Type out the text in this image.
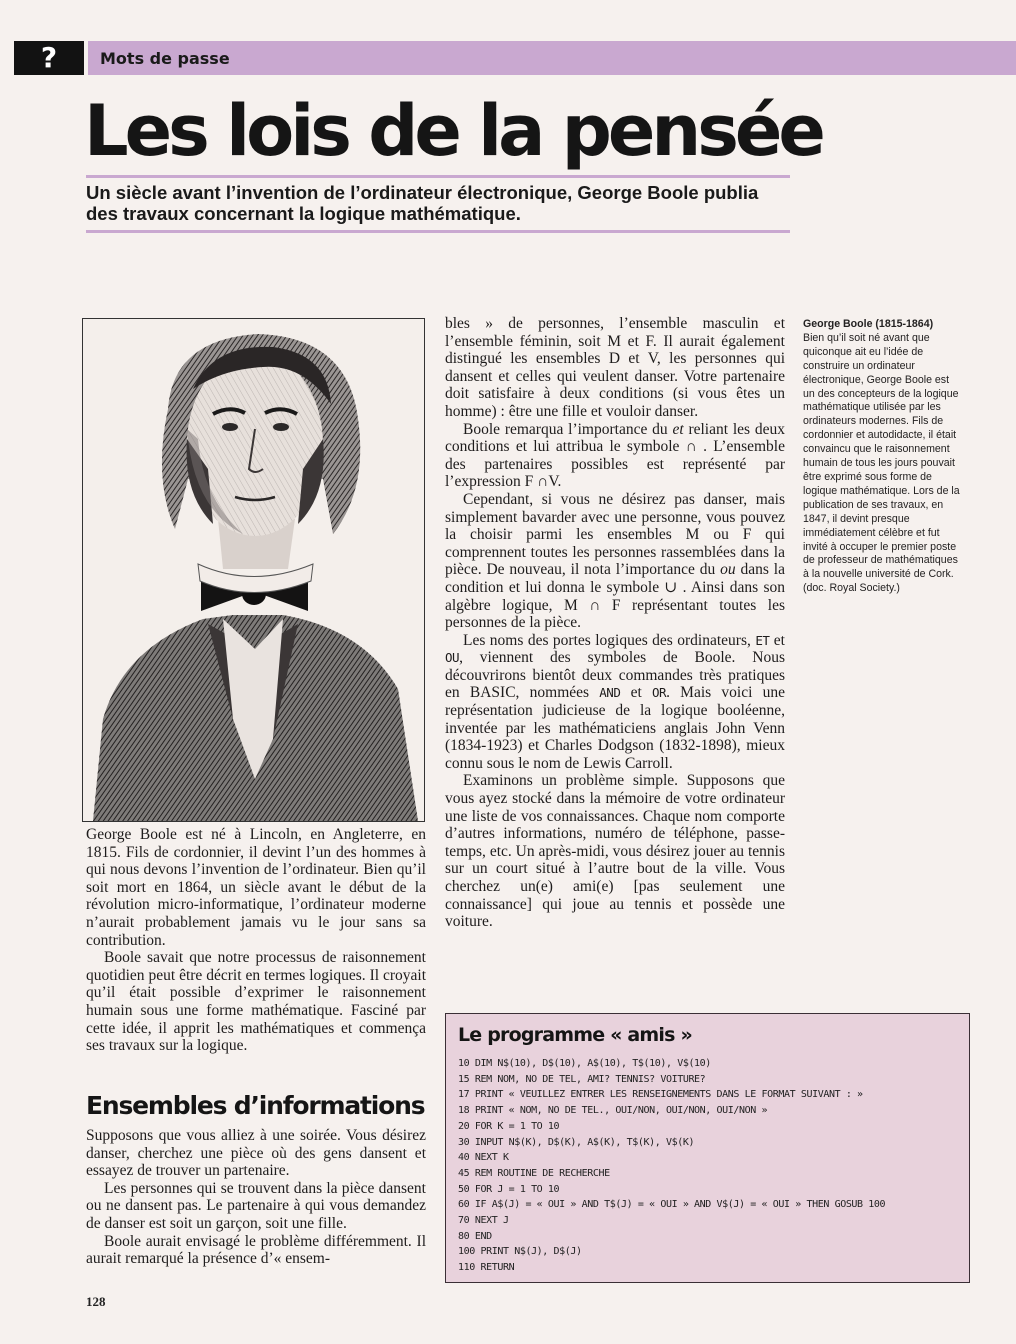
?	Mots de passe
Les lois de la pensée

Un siècle avant l’invention de l’ordinateur électronique, George Boole publia des travaux concernant la logique mathématique.

George Boole est né à Lincoln, en Angleterre, en 1815. Fils de cordonnier, il devint l’un des hommes à qui nous devons l’invention de l’ordinateur. Bien qu’il soit mort en 1864, un siècle avant le début de la révolution micro-informatique, l’ordinateur moderne n’aurait probablement jamais vu le jour sans sa contribution.

Boole savait que notre processus de raisonnement quotidien peut être décrit en termes logiques. Il croyait qu’il était possible d’exprimer le raisonnement humain sous une forme mathématique. Fasciné par cette idée, il apprit les mathématiques et commença ses travaux sur la logique.

Ensembles d’informations

Supposons que vous alliez à une soirée. Vous désirez danser, cherchez une pièce où des gens dansent et essayez de trouver un partenaire.

Les personnes qui se trouvent dans la pièce dansent ou ne dansent pas. Le partenaire à qui vous demandez de danser est soit un garçon, soit une fille.

Boole aurait envisagé le problème différemment. Il aurait remarqué la présence d’« ensem-

bles » de personnes, l’ensemble masculin et l’ensemble féminin, soit M et F. Il aurait également distingué les ensembles D et V, les personnes qui dansent et celles qui veulent danser. Votre partenaire doit satisfaire à deux conditions (si vous êtes un homme) : être une fille et vouloir danser.

Boole remarqua l’importance du et reliant les deux conditions et lui attribua le symbole ∩ . L’ensemble des partenaires possibles est représenté par l’expression F ∩V.

Cependant, si vous ne désirez pas danser, mais simplement bavarder avec une personne, vous pouvez la choisir parmi les ensembles M ou F qui comprennent toutes les personnes rassemblées dans la pièce. De nouveau, il nota l’importance du ou dans la condition et lui donna le symbole ∪ . Ainsi dans son algèbre logique, M ∩ F représentant toutes les personnes de la pièce.

Les noms des portes logiques des ordinateurs, ET et OU, viennent des symboles de Boole. Nous découvrirons bientôt deux commandes très pratiques en BASIC, nommées AND et OR. Mais voici une représentation judicieuse de la logique booléenne, inventée par les mathématiciens anglais John Venn (1834-1923) et Charles Dodgson (1832-1898), mieux connu sous le nom de Lewis Carroll.

Examinons un problème simple. Supposons que vous ayez stocké dans la mémoire de votre ordinateur une liste de vos connaissances. Chaque nom comporte d’autres informations, numéro de téléphone, passe-temps, etc. Un après-midi, vous désirez jouer au tennis sur un court situé à l’autre bout de la ville. Vous cherchez un(e) ami(e) [pas seulement une connaissance] qui joue au tennis et possède une voiture.

George Boole (1815-1864)
Bien qu’il soit né avant que quiconque ait eu l’idée de construire un ordinateur électronique, George Boole est un des concepteurs de la logique mathématique utilisée par les ordinateurs modernes. Fils de cordonnier et autodidacte, il était convaincu que le raisonnement humain de tous les jours pouvait être exprimé sous forme de logique mathématique. Lors de la publication de ses travaux, en 1847, il devint presque immédiatement célèbre et fut invité à occuper le premier poste de professeur de mathématiques à la nouvelle université de Cork. (doc. Royal Society.)
Le programme « amis »
10 DIM N$(10), D$(10), A$(10), T$(10), V$(10)
15 REM NOM, NO DE TEL, AMI? TENNIS? VOITURE?
17 PRINT « VEUILLEZ ENTRER LES RENSEIGNEMENTS DANS LE FORMAT SUIVANT : »
18 PRINT « NOM, NO DE TEL., OUI/NON, OUI/NON, OUI/NON »
20 FOR K = 1 TO 10
30 INPUT N$(K), D$(K), A$(K), T$(K), V$(K)
40 NEXT K
45 REM ROUTINE DE RECHERCHE
50 FOR J = 1 TO 10
60 IF A$(J) = « OUI » AND T$(J) = « OUI » AND V$(J) = « OUI » THEN GOSUB 100
70 NEXT J
80 END
100 PRINT N$(J), D$(J)
110 RETURN
128
